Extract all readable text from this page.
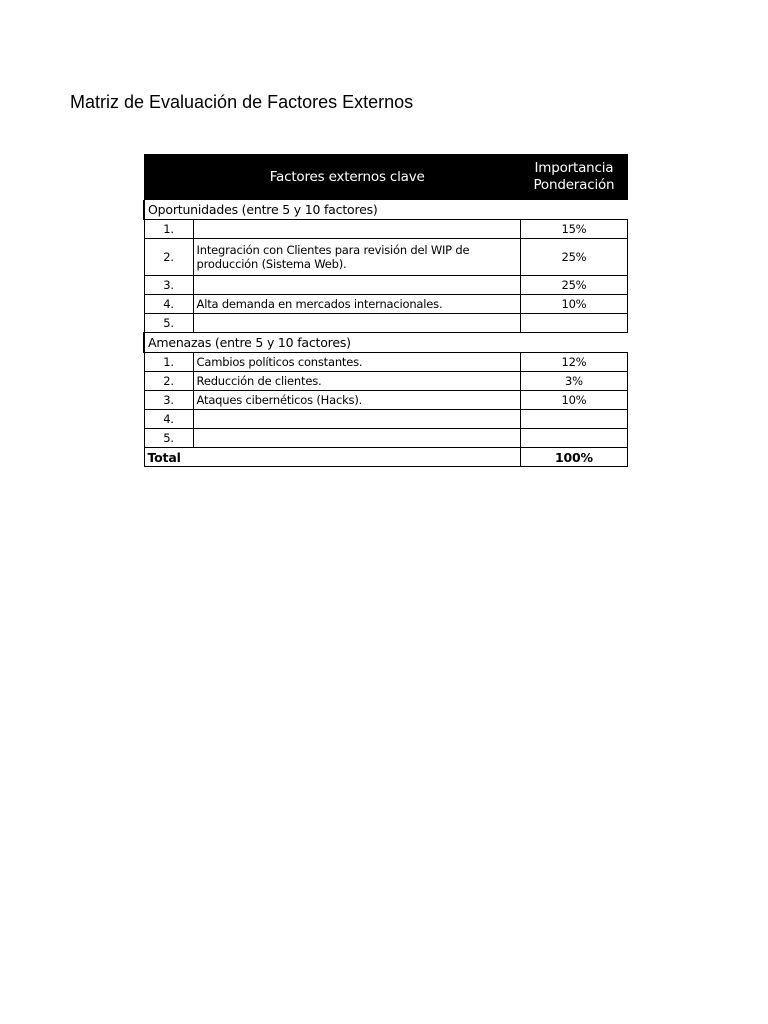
Matriz de Evaluación de Factores Externos
Factores externos clave		Importancia
Ponderación
Oportunidades (entre 5 y 10 factores)		
1.		15%
2.	Integración con Clientes para revisión del WIP de producción (Sistema Web).	25%
3.		25%
4.	Alta demanda en mercados internacionales.	10%
5.		
Amenazas (entre 5 y 10 factores)		
1.	Cambios políticos constantes.	12%
2.	Reducción de clientes.	3%
3.	Ataques cibernéticos (Hacks).	10%
4.		
5.		
Total		100%
